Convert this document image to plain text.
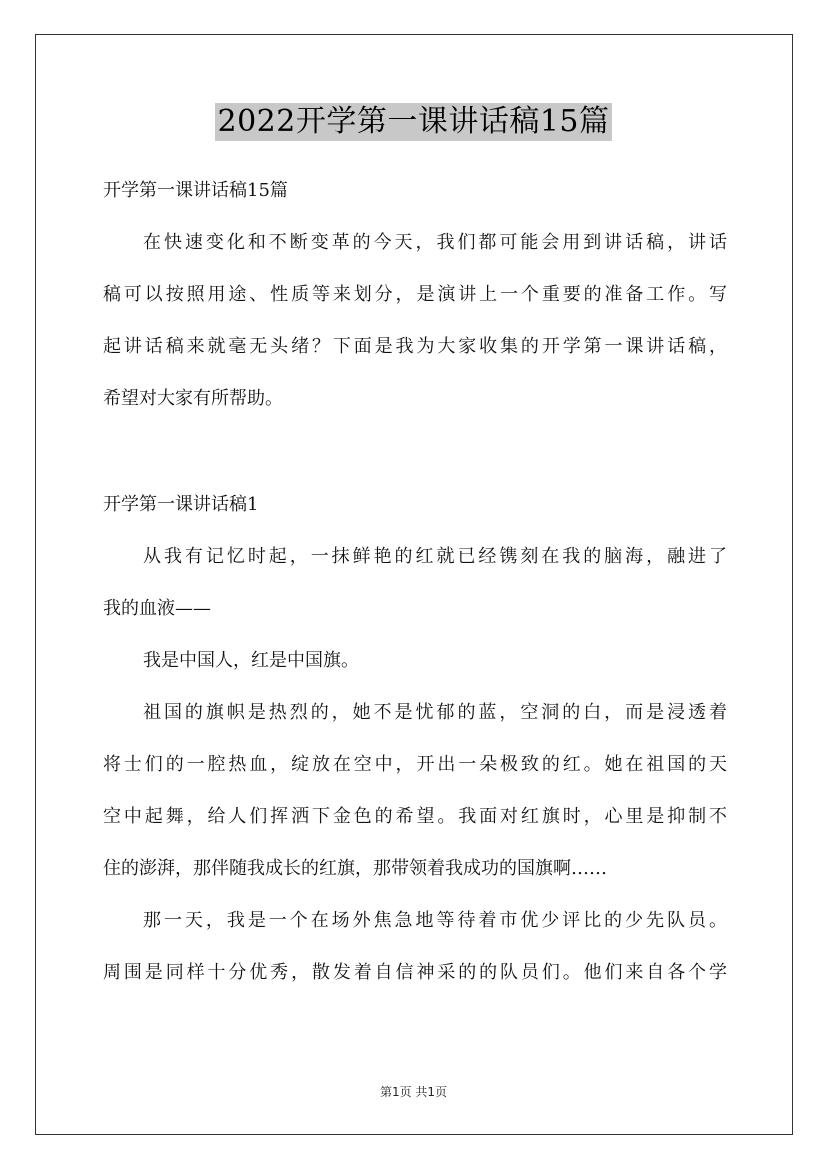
2022开学第一课讲话稿15篇
开学第一课讲话稿15篇
在快速变化和不断变革的今天，我们都可能会用到讲话稿，讲话
稿可以按照用途、性质等来划分，是演讲上一个重要的准备工作。写
起讲话稿来就毫无头绪？下面是我为大家收集的开学第一课讲话稿，
希望对大家有所帮助。
开学第一课讲话稿1
从我有记忆时起，一抹鲜艳的红就已经镌刻在我的脑海，融进了
我的血液——
我是中国人，红是中国旗。
祖国的旗帜是热烈的，她不是忧郁的蓝，空洞的白，而是浸透着
将士们的一腔热血，绽放在空中，开出一朵极致的红。她在祖国的天
空中起舞，给人们挥洒下金色的希望。我面对红旗时，心里是抑制不
住的澎湃，那伴随我成长的红旗，那带领着我成功的国旗啊……
那一天，我是一个在场外焦急地等待着市优少评比的少先队员。
周围是同样十分优秀，散发着自信神采的的队员们。他们来自各个学
第1页 共1页
